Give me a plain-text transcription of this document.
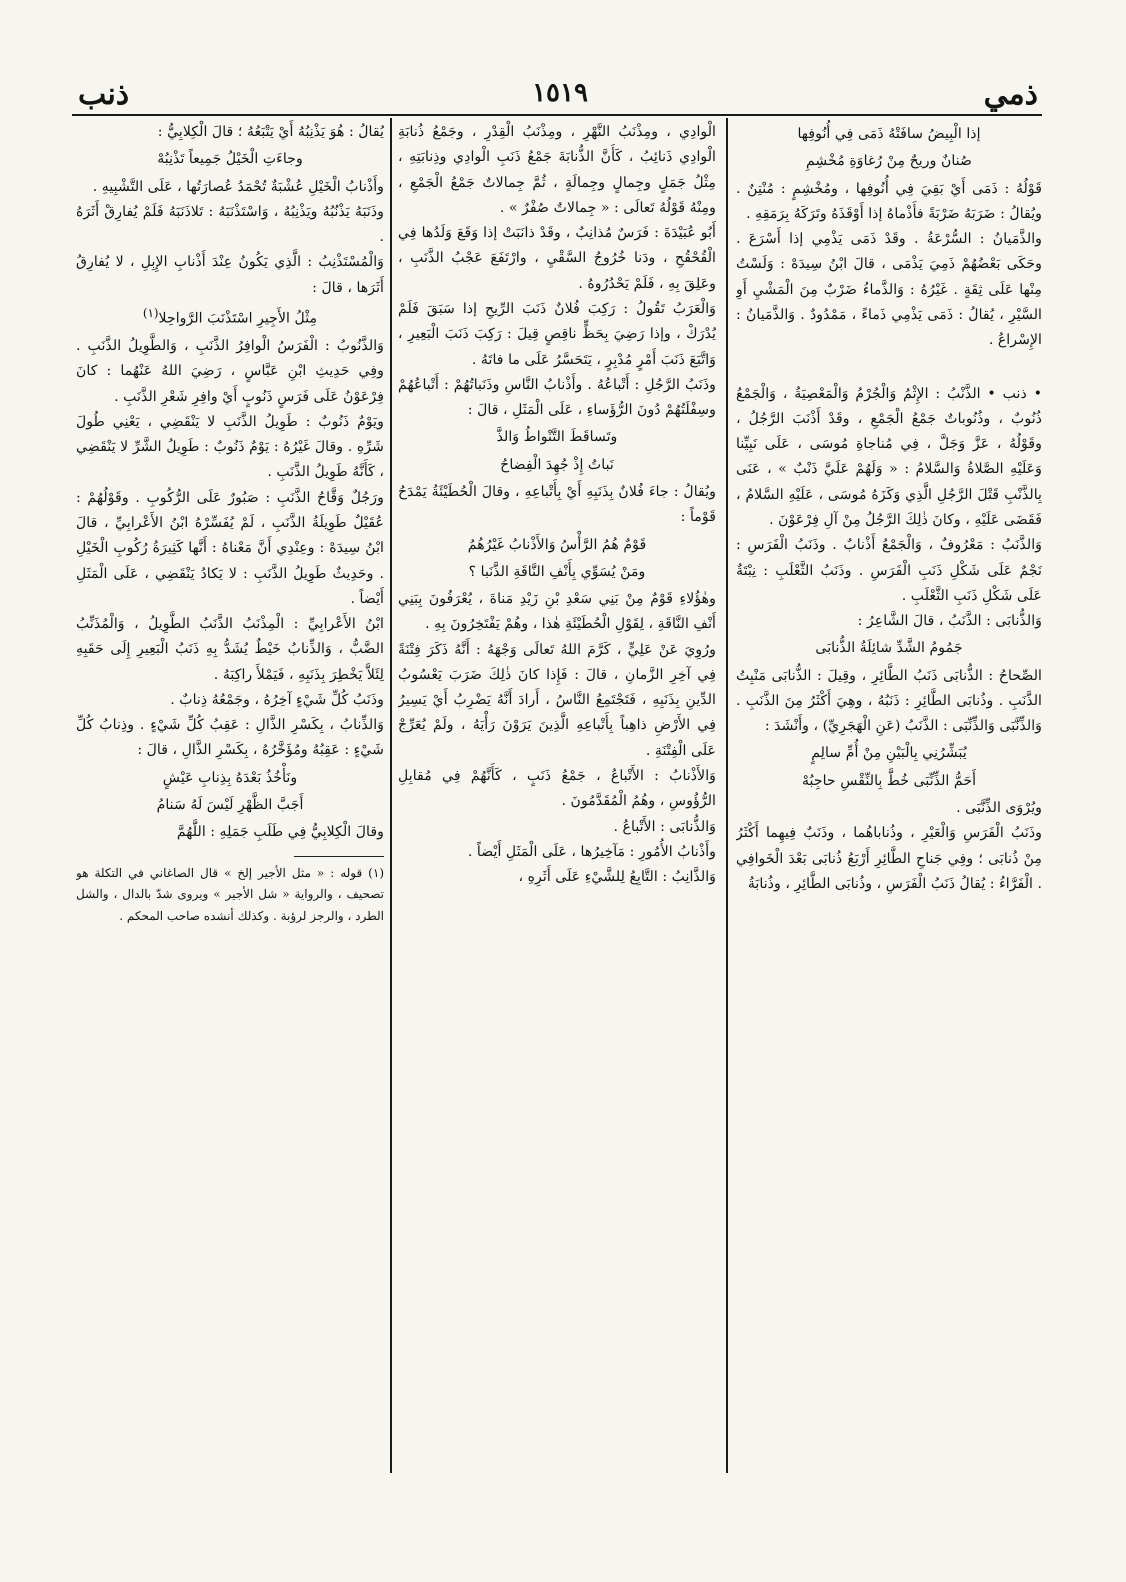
ذمي
١٥١٩
ذنب

إذا الْبِيضُ سافَتْهُ ذَمَى فِي أُنُوفِها

صُنانٌ وريحٌ مِنْ رُغاوَةِ مُخْشِمِ

قَوْلُهُ : ذَمَى أَيْ بَقِيَ فِي أُنُوفِها ، ومُخْشِمٍ : مُنْتِنٌ . ويُقالُ : ضَرَبَهُ ضَرْبَةً فأَذْماهُ إذا أَوْقَذَهُ وتَرَكَهُ بِرَمَقِهِ .

والذَّمَيانُ : السُّرْعَةُ . وقَدْ ذَمَى يَذْمِي إذا أَسْرَعَ . وحَكَى بَعْضُهُمْ ذَمِيَ يَذْمَى ، قالَ ابْنُ سِيدَهْ : وَلَسْتُ مِنْها عَلَى ثِقَةٍ . غَيْرُهُ : وَالذَّماءُ ضَرْبٌ مِنَ الْمَشْيِ أَوِ السَّيْرِ ، يُقالُ : ذَمَى يَذْمِي ذَماءً ، مَمْدُودٌ . وَالذَّمَيانُ : الإِسْراعُ .

• ذنب • الذَّنْبُ : الإِثْمُ وَالْجُرْمُ وَالْمَعْصِيَةُ ، وَالْجَمْعُ ذُنُوبٌ ، وذُنُوباتٌ جَمْعُ الْجَمْعِ ، وقَدْ أَذْنَبَ الرَّجُلُ ، وقَوْلُهُ ، عَزَّ وَجَلَّ ، فِي مُناجاةِ مُوسَى ، عَلَى نَبِيِّنا وَعَلَيْهِ الصَّلاةُ وَالسَّلامُ : « وَلَهُمْ عَلَيَّ ذَنْبٌ » ، عَنَى بِالذَّنْبِ قَتْلَ الرَّجُلِ الَّذِي وَكَزَهُ مُوسَى ، عَلَيْهِ السَّلامُ ، فَقَضَى عَلَيْهِ ، وكانَ ذٰلِكَ الرَّجُلُ مِنْ آلِ فِرْعَوْنَ .

وَالذَّنَبُ : مَعْرُوفٌ ، وَالْجَمْعُ أَذْنابٌ . وذَنَبُ الْفَرَسِ : نَجْمٌ عَلَى شَكْلِ ذَنَبِ الْفَرَسِ . وذَنَبُ الثَّعْلَبِ : نِبْتَةٌ عَلَى شَكْلِ ذَنَبِ الثَّعْلَبِ .

وَالذُّنابَى : الذَّنَبُ ، قالَ الشَّاعِرُ :

جَمُومُ الشَّدِّ شائِلَةُ الذُّنابَى

الصِّحاحُ : الذُّنابَى ذَنَبُ الطَّائِرِ ، وقِيلَ : الذُّنابَى مَنْبِتُ الذَّنَبِ . وذُنابَى الطَّائِرِ : ذَنَبُهُ ، وهِيَ أَكْثَرُ مِنَ الذَّنَبِ . وَالذِّنَّبَى وَالذِّنِّبَى : الذَّنَبُ (عَنِ الْهَجَرِيِّ) ، وأَنْشَدَ :

يُبَشِّرُنِي بِالْبَيْنِ مِنْ أُمِّ سالِمٍ

أَحَمُّ الذِّنِّبَى خُطَّ بِالنِّقْسِ حاجِبُهْ

ويُرْوَى الذِّنَّبَى .

وذَنَبُ الْفَرَسِ وَالْعَيْرِ ، وذُناباهُما ، وذَنَبٌ فِيهِما أَكْثَرُ مِنْ ذُنابَى ؛ وفِي جَناحِ الطَّائِرِ أَرْبَعُ ذُنابَى بَعْدَ الْخَوافِي . الْفَرَّاءُ : يُقالُ ذَنَبُ الْفَرَسِ ، وذُنابَى الطَّائِرِ ، وذُنابَةُ

الْوادِي ، ومِذْنَبُ النَّهْرِ ، ومِذْنَبُ الْقِدْرِ ، وجَمْعُ ذُنابَةِ الْوادِي ذَنائِبُ ، كَأَنَّ الذُّنابَةَ جَمْعُ ذَنَبِ الْوادِي وذِنابَتِهِ ، مِثْلُ جَمَلٍ وجِمالٍ وجِمالَةٍ ، ثُمَّ جِمالاتٌ جَمْعُ الْجَمْعِ ، ومِنْهُ قَوْلُهُ تَعالَى : « جِمالاتٌ صُفْرٌ » .

أَبُو عُبَيْدَةَ : فَرَسٌ مُذانِبٌ ، وقَدْ ذانَبَتْ إذا وَقَعَ وَلَدُها فِي الْقُحْقُحِ ، ودَنا خُرُوجُ السَّقْيِ ، وارْتَفَعَ عَجْبُ الذَّنَبِ ، وعَلِقَ بِهِ ، فَلَمْ يَحْدُرُوهُ .

وَالْعَرَبُ تَقُولُ : رَكِبَ فُلانٌ ذَنَبَ الرِّيحِ إذا سَبَقَ فَلَمْ يُدْرَكْ ، وإذا رَضِيَ بِحَظٍّ ناقِصٍ قِيلَ : رَكِبَ ذَنَبَ الْبَعِيرِ ، وَاتَّبَعَ ذَنَبَ أَمْرٍ مُدْبِرٍ ، يَتَحَسَّرُ عَلَى ما فاتَهُ .

وذَنَبُ الرَّجُلِ : أَتْباعُهُ . وأَذْنابُ النَّاسِ وذَنَباتُهُمْ : أَتْباعُهُمْ وسِفْلَتُهُمْ دُونَ الرُّؤَساءِ ، عَلَى الْمَثَلِ ، قالَ :

وتَساقَطَ التَّنْواطُ وَالذَّ

نَباتُ إِذْ جُهِدَ الْفِضاحُ

ويُقالُ : جاءَ فُلانٌ بِذَنَبِهِ أَيْ بِأَتْباعِهِ ، وقالَ الْحُطَيْئَةُ يَمْدَحُ قَوْماً :

قَوْمٌ هُمُ الرَّأْسُ وَالأَذْنابُ غَيْرُهُمُ

ومَنْ يُسَوِّي بِأَنْفِ النَّاقَةِ الذَّنَبا ؟

وهٰؤُلاءِ قَوْمٌ مِنْ بَنِي سَعْدِ بْنِ زَيْدِ مَناةَ ، يُعْرَفُونَ بِبَنِي أَنْفِ النَّاقَةِ ، لِقَوْلِ الْحُطَيْئَةِ هٰذا ، وهُمْ يَفْتَخِرُونَ بِهِ .

ورُوِيَ عَنْ عَلِيٍّ ، كَرَّمَ اللهُ تَعالَى وَجْهَهُ : أَنَّهُ ذَكَرَ فِتْنَةً فِي آخِرِ الزَّمانِ ، قالَ : فَإِذا كانَ ذٰلِكَ ضَرَبَ يَعْسُوبُ الدِّينِ بِذَنَبِهِ ، فَتَجْتَمِعُ النَّاسُ ، أَرادَ أَنَّهُ يَضْرِبُ أَيْ يَسِيرُ فِي الأَرْضِ ذاهِباً بِأَتْباعِهِ الَّذِينَ يَرَوْنَ رَأْيَهُ ، ولَمْ يُعَرِّجْ عَلَى الْفِتْنَةِ .

وَالأَذْنابُ : الأَتْباعُ ، جَمْعُ ذَنَبٍ ، كَأَنَّهُمْ فِي مُقابِلِ الرُّؤُوسِ ، وهُمُ الْمُقَدَّمُونَ .

وَالذُّنابَى : الأَتْباعُ .

وأَذْنابُ الأُمُورِ : مَآخِيرُها ، عَلَى الْمَثَلِ أَيْضاً .

وَالذَّانِبُ : التَّابِعُ لِلشَّيْءِ عَلَى أَثَرِهِ ،

يُقالُ : هُوَ يَذْنِبُهُ أَيْ يَتْبَعُهُ ؛ قالَ الْكِلابِيُّ :

وجاءَتِ الْخَيْلُ جَمِيعاً تَذْنِبُهْ

وأَذْنابُ الْخَيْلِ عُشْبَةٌ تُحْمَدُ عُصارَتُها ، عَلَى التَّشْبِيهِ .

وذَنَبَهُ يَذْنُبُهُ ويَذْنِبُهُ ، وَاسْتَذْنَبَهُ : تَلاذَنَبَهُ فَلَمْ يُفارِقْ أَثَرَهُ .

وَالْمُسْتَذْنِبُ : الَّذِي يَكُونُ عِنْدَ أَذْنابِ الإِبِلِ ، لا يُفارِقُ أَثَرَها ، قالَ :

مِثْلُ الأَجِيرِ اسْتَذْنَبَ الرَّواحِلا$^{(١)}$

وَالذَّنُوبُ : الْفَرَسُ الْوافِرُ الذَّنَبِ ، وَالطَّوِيلُ الذَّنَبِ . وفِي حَدِيثِ ابْنِ عَبَّاسٍ ، رَضِيَ اللهُ عَنْهُما : كانَ فِرْعَوْنُ عَلَى فَرَسٍ ذَنُوبٍ أَيْ وافِرِ شَعْرِ الذَّنَبِ .

ويَوْمٌ ذَنُوبٌ : طَوِيلُ الذَّنَبِ لا يَنْقَضِي ، يَعْنِي طُولَ شَرِّهِ . وقالَ غَيْرُهُ : يَوْمٌ ذَنُوبٌ : طَوِيلُ الشَّرِّ لا يَنْقَضِي ، كَأَنَّهُ طَوِيلُ الذَّنَبِ .

ورَجُلٌ وَقَّاحُ الذَّنَبِ : صَبُورٌ عَلَى الرُّكُوبِ . وقَوْلُهُمْ : عُقَيْلٌ طَوِيلَةُ الذَّنَبِ ، لَمْ يُفَسِّرْهُ ابْنُ الأَعْرابِيِّ ، قالَ ابْنُ سِيدَهْ : وعِنْدِي أَنَّ مَعْناهُ : أَنَّها كَثِيرَةُ رُكُوبِ الْخَيْلِ . وحَدِيثٌ طَوِيلُ الذَّنَبِ : لا يَكادُ يَنْقَضِي ، عَلَى الْمَثَلِ أَيْضاً .

ابْنُ الأَعْرابِيِّ : الْمِذْنَبُ الذَّنَبُ الطَّوِيلُ ، وَالْمُذَنِّبُ الضَّبُّ ، وَالذِّنابُ خَيْطٌ يُشَدُّ بِهِ ذَنَبُ الْبَعِيرِ إِلَى حَقَبِهِ لِئَلاَّ يَخْطِرَ بِذَنَبِهِ ، فَيَمْلأَ راكِبَهُ .

وذَنَبُ كُلِّ شَيْءٍ آخِرُهُ ، وجَمْعُهُ ذِنابٌ .

وَالذِّنابُ ، بِكَسْرِ الذَّالِ : عَقِبُ كُلِّ شَيْءٍ . وذِنابُ كُلِّ شَيْءٍ : عَقِبُهُ ومُؤَخَّرُهُ ، بِكَسْرِ الذَّالِ ، قالَ :

ونَأْخُذُ بَعْدَهُ بِذِنابِ عَيْشٍ

أَجَبَّ الظَّهْرِ لَيْسَ لَهُ سَنامُ

وقالَ الْكِلابِيُّ فِي طَلَبِ جَمَلِهِ : اللَّهُمَّ

(١) قوله : « مثل الأجير إلخ » قال الصاغاني في التكلة هو تصحيف ، والرواية « شل الأجير » ويروى شدّ بالدال ، والشل الطرد ، والرجز لرؤبة . وكذلك أنشده صاحب المحكم .
